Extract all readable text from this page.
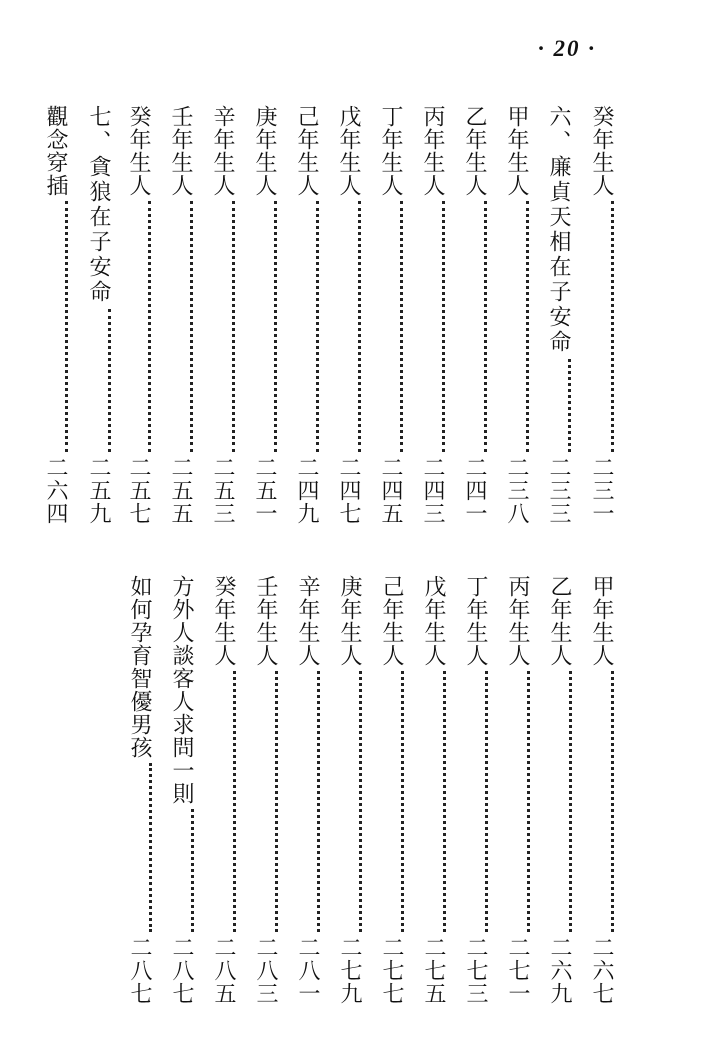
· 20 ·
癸年生人
二三一
六、廉貞天相在子安命
二三三
甲年生人
二三八
乙年生人
二四一
丙年生人
二四三
丁年生人
二四五
戊年生人
二四七
己年生人
二四九
庚年生人
二五一
辛年生人
二五三
壬年生人
二五五
癸年生人
二五七
七、貪狼在子安命
二五九
觀念穿插
二六四
甲年生人
二六七
乙年生人
二六九
丙年生人
二七一
丁年生人
二七三
戊年生人
二七五
己年生人
二七七
庚年生人
二七九
辛年生人
二八一
壬年生人
二八三
癸年生人
二八五
方外人談客人求問一則
二八七
如何孕育智優男孩
二八七
